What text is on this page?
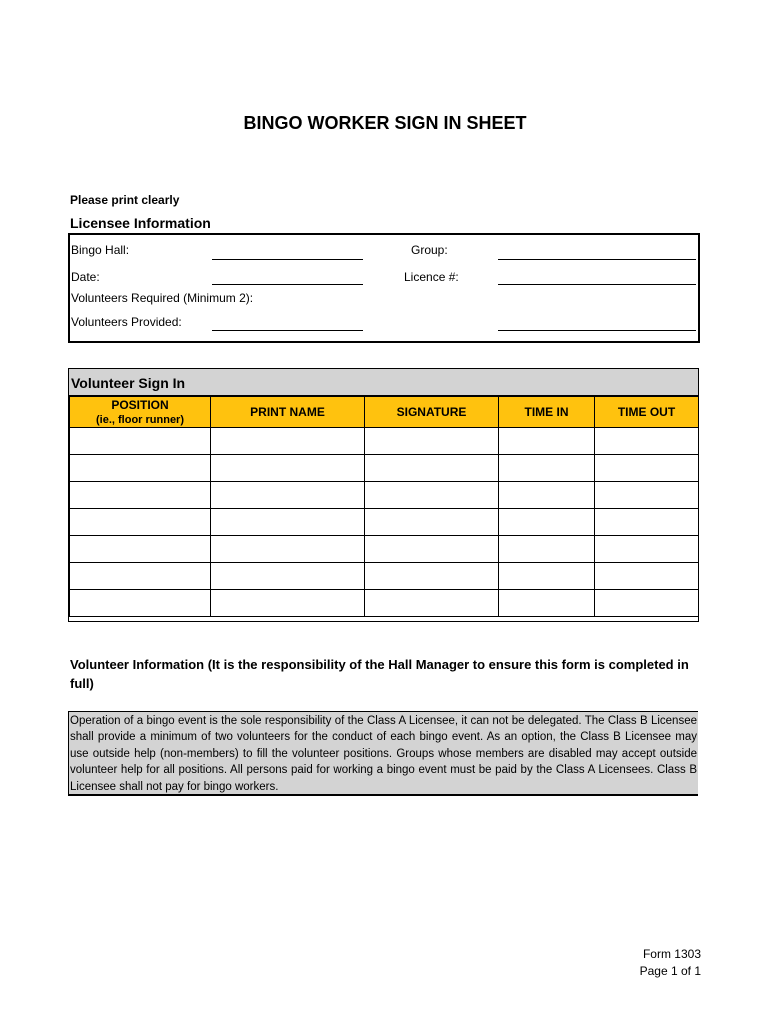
BINGO WORKER SIGN IN SHEET
Please print clearly
Licensee Information
Bingo Hall:	Group:
Date:	Licence #:
Volunteers Required (Minimum 2):
Volunteers Provided:
Volunteer Sign In
POSITION
(ie., floor runner)	PRINT NAME	SIGNATURE	TIME IN	TIME OUT

Volunteer Information (It is the responsibility of the Hall Manager to ensure this form is completed in full)

Operation of a bingo event is the sole responsibility of the Class A Licensee, it can not be delegated. The Class B Licensee shall provide a minimum of two volunteers for the conduct of each bingo event. As an option, the Class B Licensee may use outside help (non-members) to fill the volunteer positions. Groups whose members are disabled may accept outside volunteer help for all positions. All persons paid for working a bingo event must be paid by the Class A Licensees. Class B Licensee shall not pay for bingo workers.

Form 1303
Page 1 of 1
